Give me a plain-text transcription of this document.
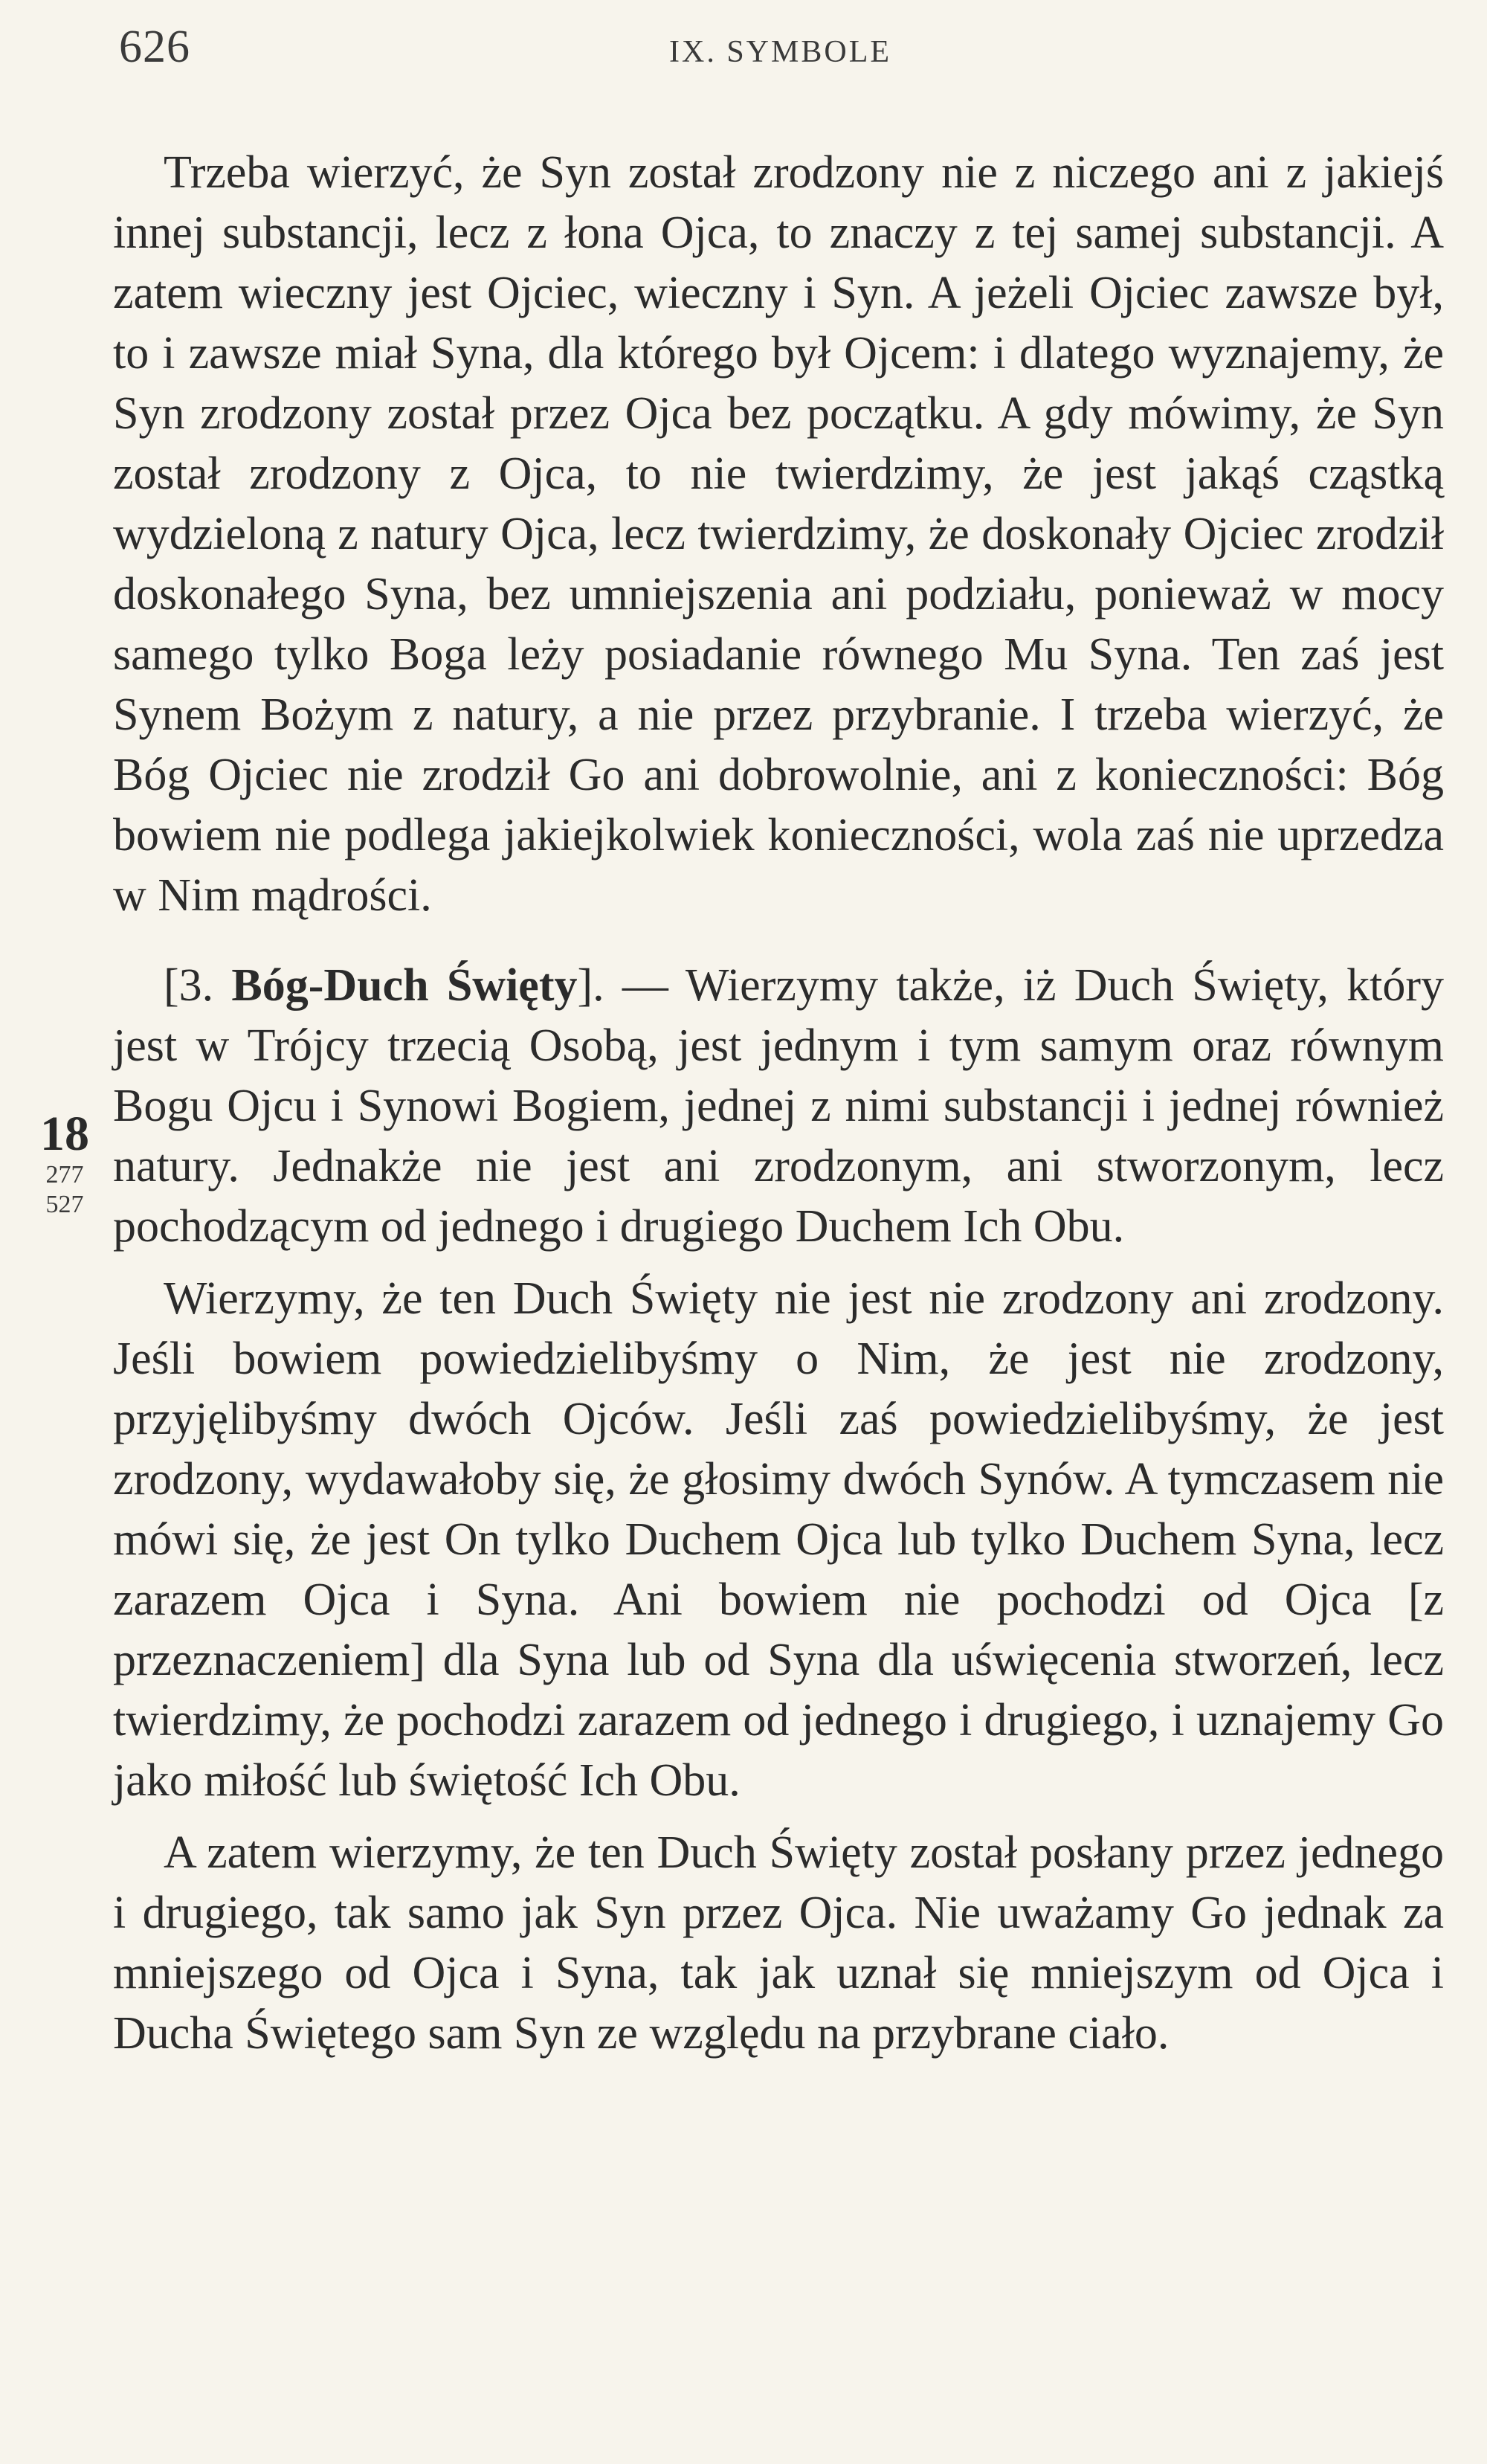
626	IX. SYMBOLE
18
277
527

Trzeba wierzyć, że Syn został zrodzony nie z niczego ani z jakiejś innej substancji, lecz z łona Ojca, to znaczy z tej samej substancji. A zatem wieczny jest Ojciec, wieczny i Syn. A jeżeli Ojciec zawsze był, to i zawsze miał Syna, dla którego był Ojcem: i dlatego wyznajemy, że Syn zrodzony został przez Ojca bez początku. A gdy mówimy, że Syn został zrodzony z Ojca, to nie twierdzimy, że jest jakąś cząstką wydzieloną z natury Ojca, lecz twierdzimy, że doskonały Ojciec zrodził doskonałego Syna, bez umniejszenia ani podziału, ponieważ w mocy samego tylko Boga leży posiadanie równego Mu Syna. Ten zaś jest Synem Bożym z natury, a nie przez przybranie. I trzeba wierzyć, że Bóg Ojciec nie zrodził Go ani dobrowolnie, ani z konieczności: Bóg bowiem nie podlega jakiejkolwiek konieczności, wola zaś nie uprzedza w Nim mądrości.

[3. Bóg-Duch Święty]. — Wierzymy także, iż Duch Święty, który jest w Trójcy trzecią Osobą, jest jednym i tym samym oraz równym Bogu Ojcu i Synowi Bogiem, jednej z nimi substancji i jednej również natury. Jednakże nie jest ani zrodzonym, ani stworzonym, lecz pochodzącym od jednego i drugiego Duchem Ich Obu.

Wierzymy, że ten Duch Święty nie jest nie zrodzony ani zrodzony. Jeśli bowiem powiedzielibyśmy o Nim, że jest nie zrodzony, przyjęlibyśmy dwóch Ojców. Jeśli zaś powiedzielibyśmy, że jest zrodzony, wydawałoby się, że głosimy dwóch Synów. A tymczasem nie mówi się, że jest On tylko Duchem Ojca lub tylko Duchem Syna, lecz zarazem Ojca i Syna. Ani bowiem nie pochodzi od Ojca [z przeznaczeniem] dla Syna lub od Syna dla uświęcenia stworzeń, lecz twierdzimy, że pochodzi zarazem od jednego i drugiego, i uznajemy Go jako miłość lub świętość Ich Obu.

A zatem wierzymy, że ten Duch Święty został posłany przez jednego i drugiego, tak samo jak Syn przez Ojca. Nie uważamy Go jednak za mniejszego od Ojca i Syna, tak jak uznał się mniejszym od Ojca i Ducha Świętego sam Syn ze względu na przybrane ciało.
